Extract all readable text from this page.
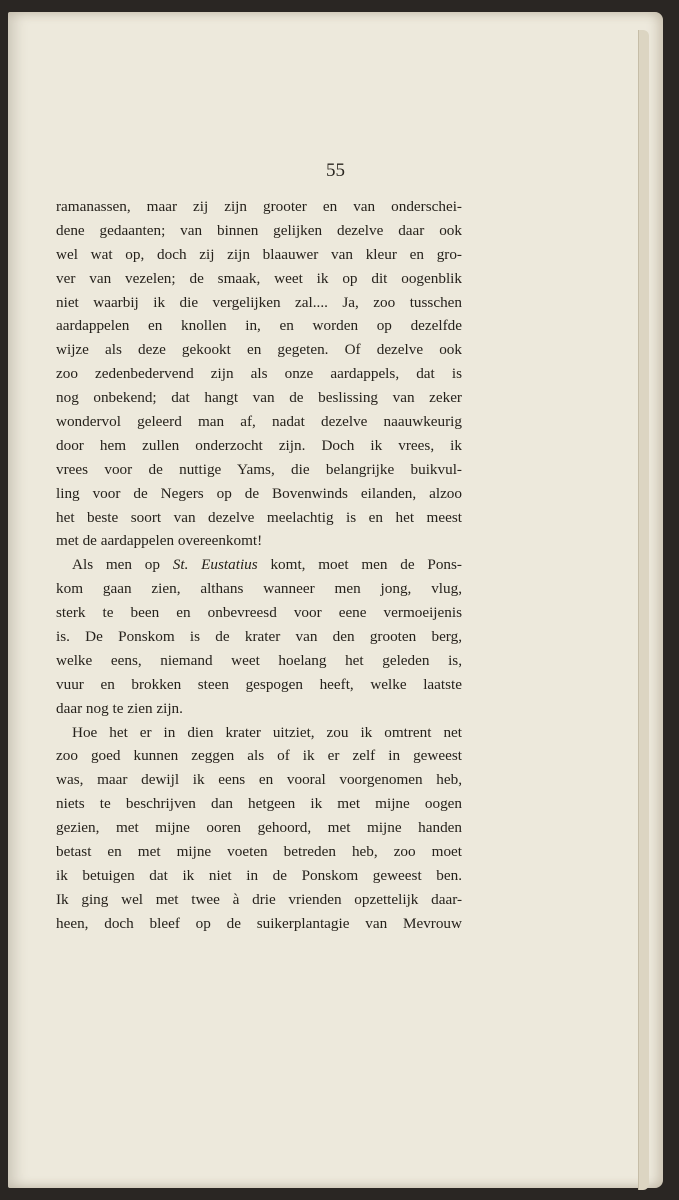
55
ramanassen, maar zij zijn grooter en van onderschei-
dene gedaanten; van binnen gelijken dezelve daar ook
wel wat op, doch zij zijn blaauwer van kleur en gro-
ver van vezelen; de smaak, weet ik op dit oogenblik
niet waarbij ik die vergelijken zal.... Ja, zoo tusschen
aardappelen en knollen in, en worden op dezelfde
wijze als deze gekookt en gegeten. Of dezelve ook
zoo zedenbedervend zijn als onze aardappels, dat is
nog onbekend; dat hangt van de beslissing van zeker
wondervol geleerd man af, nadat dezelve naauwkeurig
door hem zullen onderzocht zijn. Doch ik vrees, ik
vrees voor de nuttige Yams, die belangrijke buikvul-
ling voor de Negers op de Bovenwinds eilanden, alzoo
het beste soort van dezelve meelachtig is en het meest
met de aardappelen overeenkomt!
Als men op St. Eustatius komt, moet men de Pons-
kom gaan zien, althans wanneer men jong, vlug,
sterk te been en onbevreesd voor eene vermoeijenis
is. De Ponskom is de krater van den grooten berg,
welke eens, niemand weet hoelang het geleden is,
vuur en brokken steen gespogen heeft, welke laatste
daar nog te zien zijn.
Hoe het er in dien krater uitziet, zou ik omtrent net
zoo goed kunnen zeggen als of ik er zelf in geweest
was, maar dewijl ik eens en vooral voorgenomen heb,
niets te beschrijven dan hetgeen ik met mijne oogen
gezien, met mijne ooren gehoord, met mijne handen
betast en met mijne voeten betreden heb, zoo moet
ik betuigen dat ik niet in de Ponskom geweest ben.
Ik ging wel met twee à drie vrienden opzettelijk daar-
heen, doch bleef op de suikerplantagie van Mevrouw
